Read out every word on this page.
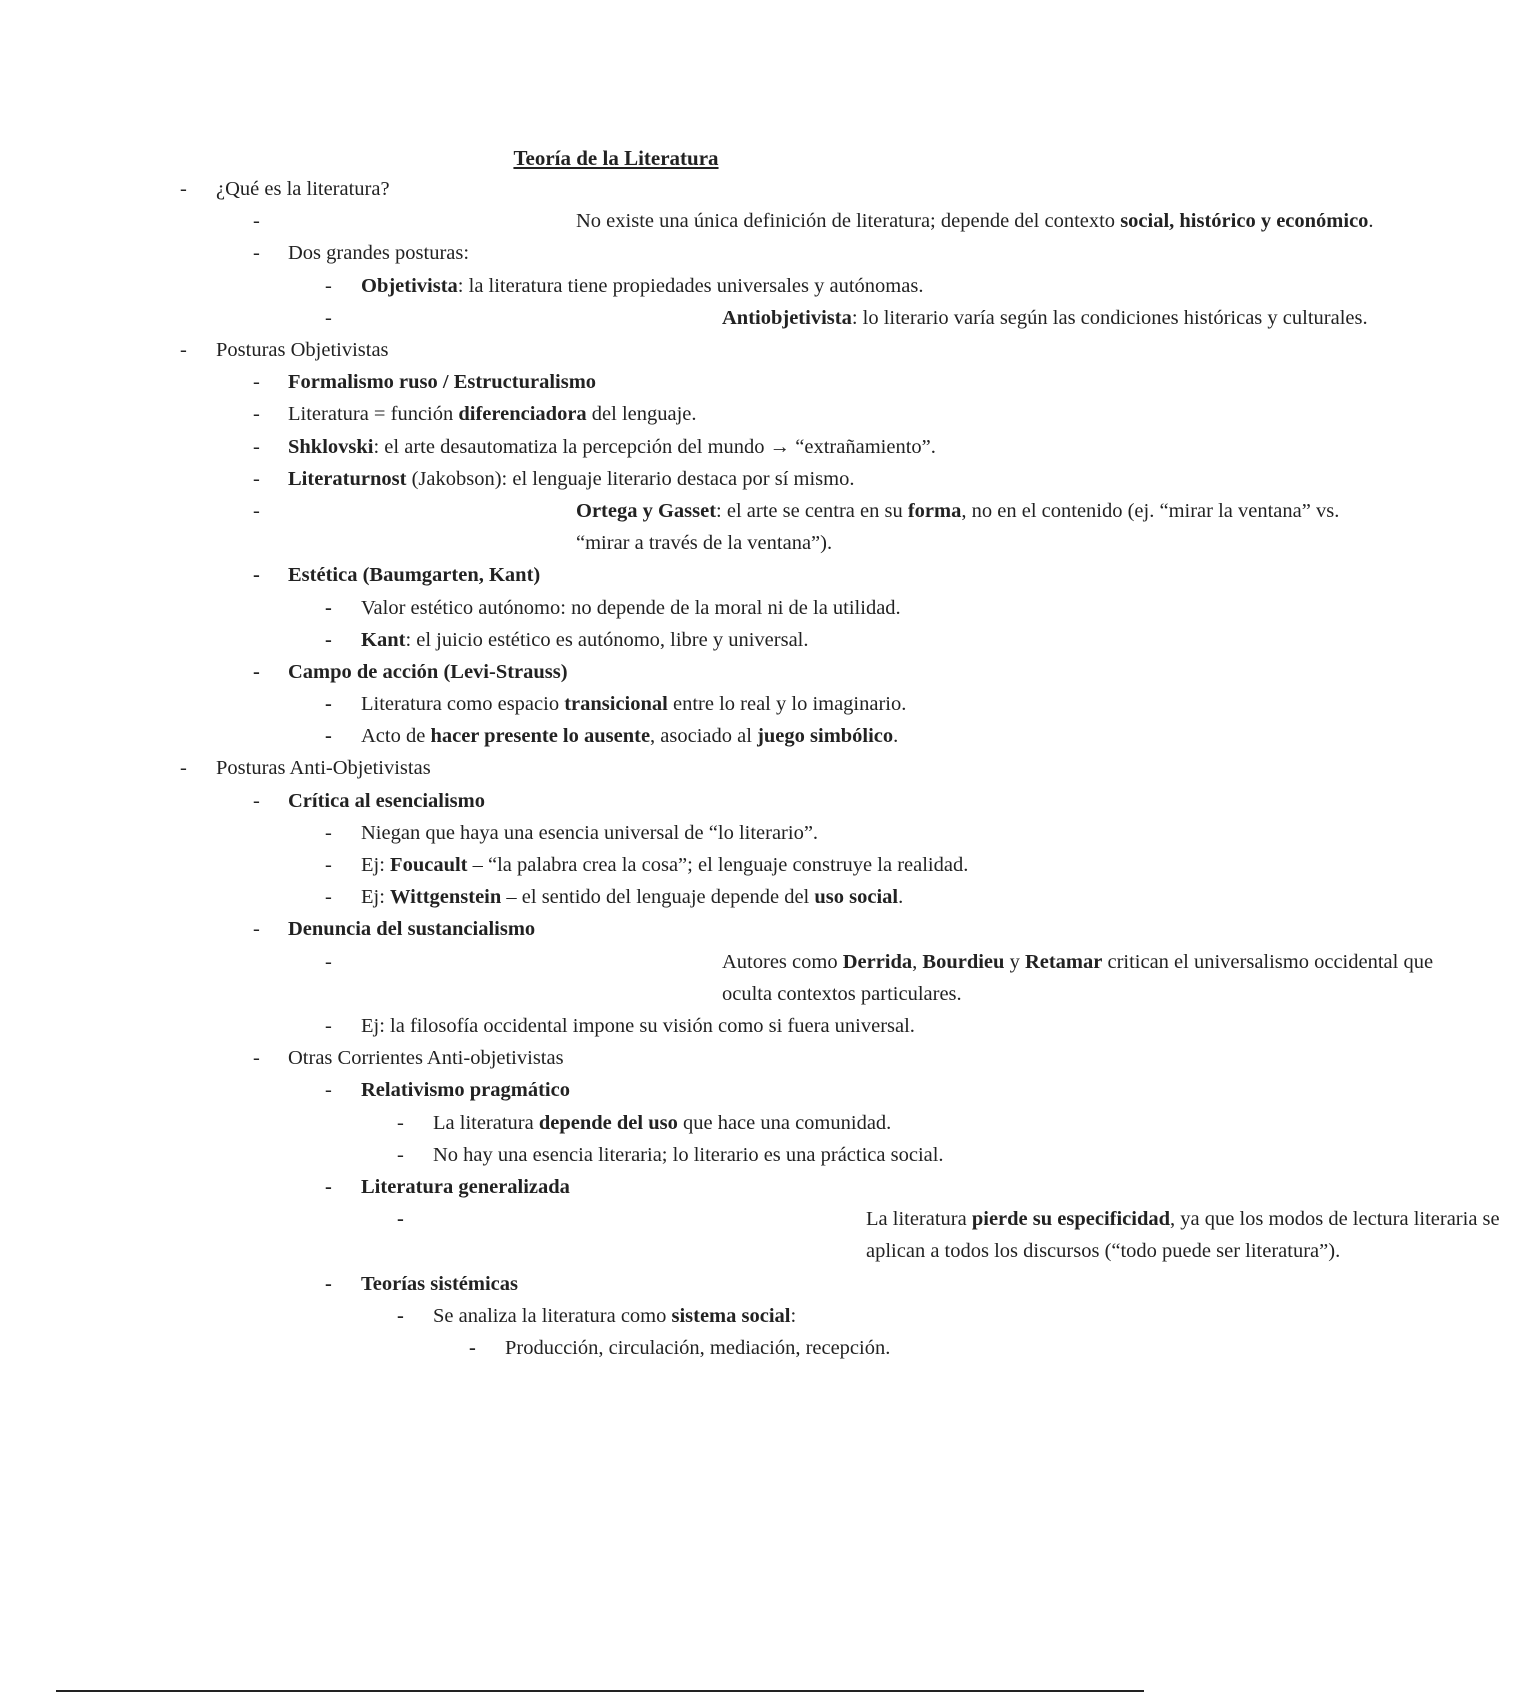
Teoría de la Literatura
- ¿Qué es la literatura?
-	No existe una única definición de literatura; depende del contexto social, histórico y económico.
- Dos grandes posturas:
- Objetivista: la literatura tiene propiedades universales y autónomas.
-	Antiobjetivista: lo literario varía según las condiciones históricas y culturales.
- Posturas Objetivistas
- Formalismo ruso / Estructuralismo
- Literatura = función diferenciadora del lenguaje.
- Shklovski: el arte desautomatiza la percepción del mundo → “extrañamiento”.
- Literaturnost (Jakobson): el lenguaje literario destaca por sí mismo.
-	Ortega y Gasset: el arte se centra en su forma, no en el contenido (ej. “mirar la ventana” vs. “mirar a través de la ventana”).
- Estética (Baumgarten, Kant)
- Valor estético autónomo: no depende de la moral ni de la utilidad.
- Kant: el juicio estético es autónomo, libre y universal.
- Campo de acción (Levi-Strauss)
- Literatura como espacio transicional entre lo real y lo imaginario.
- Acto de hacer presente lo ausente, asociado al juego simbólico.
- Posturas Anti-Objetivistas
- Crítica al esencialismo
- Niegan que haya una esencia universal de “lo literario”.
- Ej: Foucault – “la palabra crea la cosa”; el lenguaje construye la realidad.
- Ej: Wittgenstein – el sentido del lenguaje depende del uso social.
- Denuncia del sustancialismo
-	Autores como Derrida, Bourdieu y Retamar critican el universalismo occidental que oculta contextos particulares.
- Ej: la filosofía occidental impone su visión como si fuera universal.
- Otras Corrientes Anti-objetivistas
- Relativismo pragmático
- La literatura depende del uso que hace una comunidad.
- No hay una esencia literaria; lo literario es una práctica social.
- Literatura generalizada
-	La literatura pierde su especificidad, ya que los modos de lectura literaria se aplican a todos los discursos (“todo puede ser literatura”).
- Teorías sistémicas
- Se analiza la literatura como sistema social:
- Producción, circulación, mediación, recepción.
